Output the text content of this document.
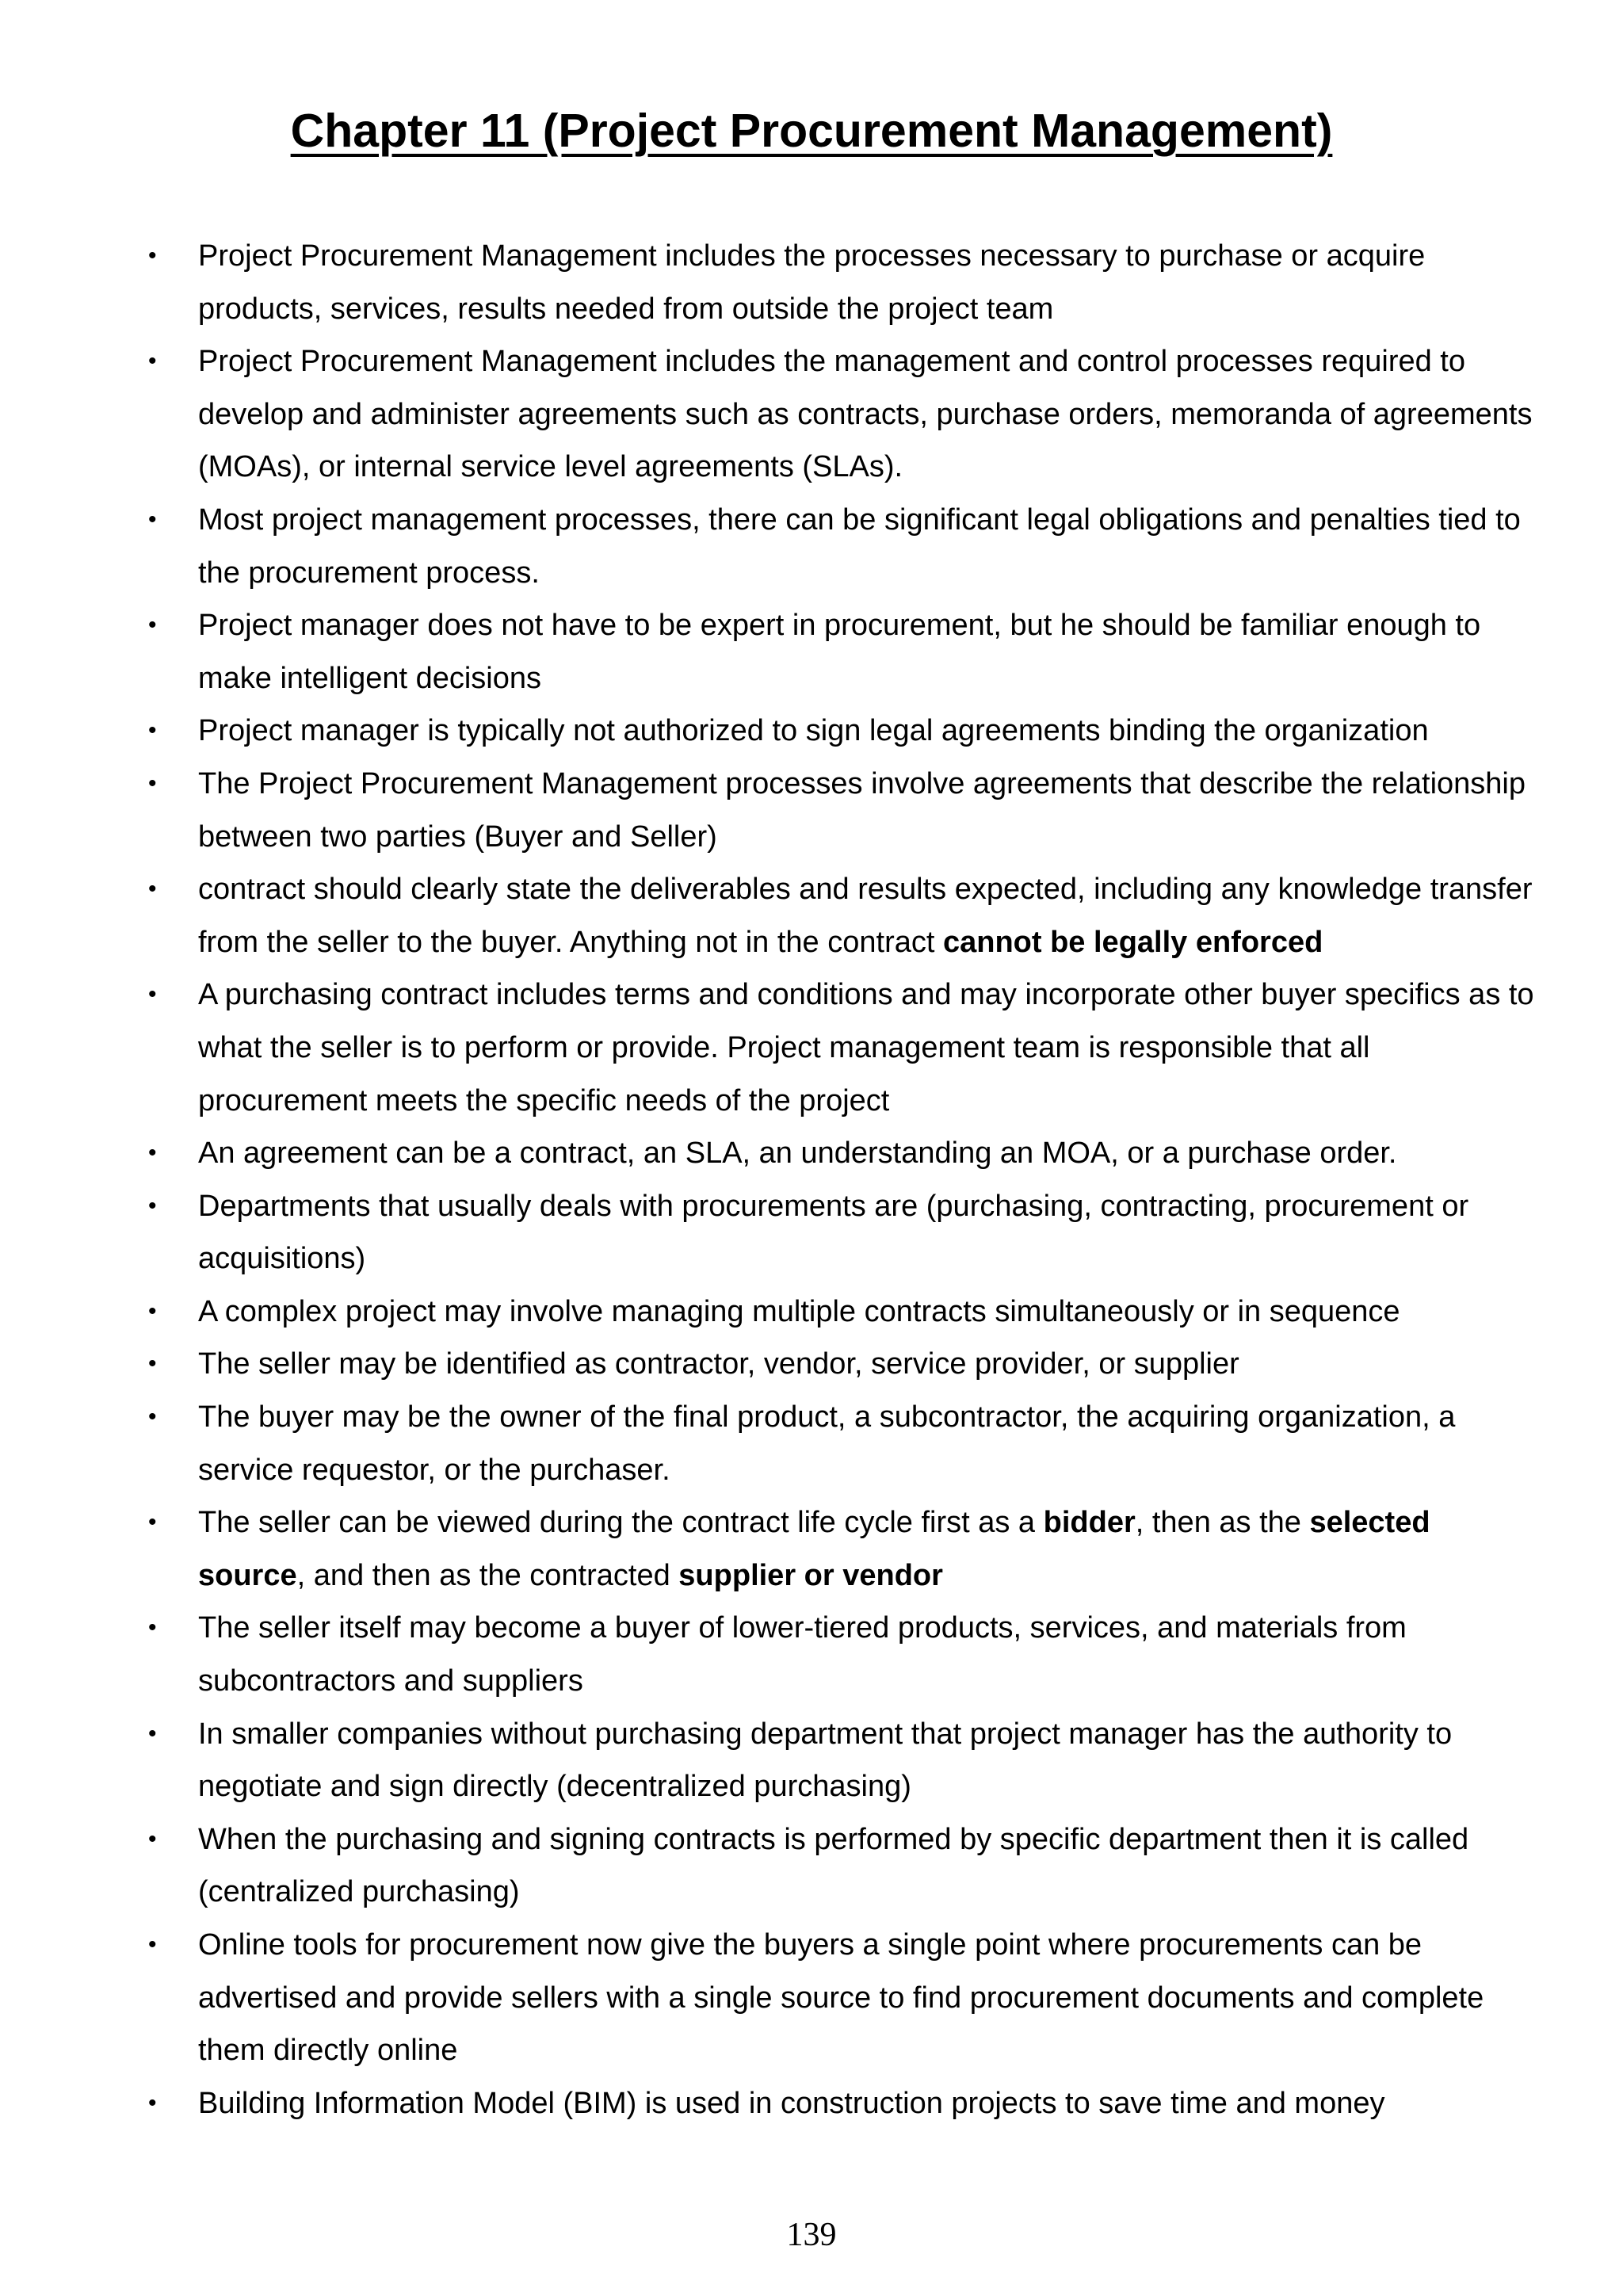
Chapter 11 (Project Procurement Management)
• Project Procurement Management includes the processes necessary to purchase or acquire products, services, results needed from outside the project team
• Project Procurement Management includes the management and control processes required to develop and administer agreements such as contracts, purchase orders, memoranda of agreements (MOAs), or internal service level agreements (SLAs).
• Most project management processes, there can be significant legal obligations and penalties tied to the procurement process.
• Project manager does not have to be expert in procurement, but he should be familiar enough to make intelligent decisions
• Project manager is typically not authorized to sign legal agreements binding the organization
• The Project Procurement Management processes involve agreements that describe the relationship between two parties (Buyer and Seller)
• contract should clearly state the deliverables and results expected, including any knowledge transfer from the seller to the buyer. Anything not in the contract cannot be legally enforced
• A purchasing contract includes terms and conditions and may incorporate other buyer specifics as to what the seller is to perform or provide. Project management team is responsible that all procurement meets the specific needs of the project
• An agreement can be a contract, an SLA, an understanding an MOA, or a purchase order.
• Departments that usually deals with procurements are (purchasing, contracting, procurement or acquisitions)
• A complex project may involve managing multiple contracts simultaneously or in sequence
• The seller may be identified as contractor, vendor, service provider, or supplier
• The buyer may be the owner of the final product, a subcontractor, the acquiring organization, a service requestor, or the purchaser.
• The seller can be viewed during the contract life cycle first as a bidder, then as the selected source, and then as the contracted supplier or vendor
• The seller itself may become a buyer of lower-tiered products, services, and materials from subcontractors and suppliers
• In smaller companies without purchasing department that project manager has the authority to negotiate and sign directly (decentralized purchasing)
• When the purchasing and signing contracts is performed by specific department then it is called (centralized purchasing)
• Online tools for procurement now give the buyers a single point where procurements can be advertised and provide sellers with a single source to find procurement documents and complete them directly online
• Building Information Model (BIM) is used in construction projects to save time and money
139
